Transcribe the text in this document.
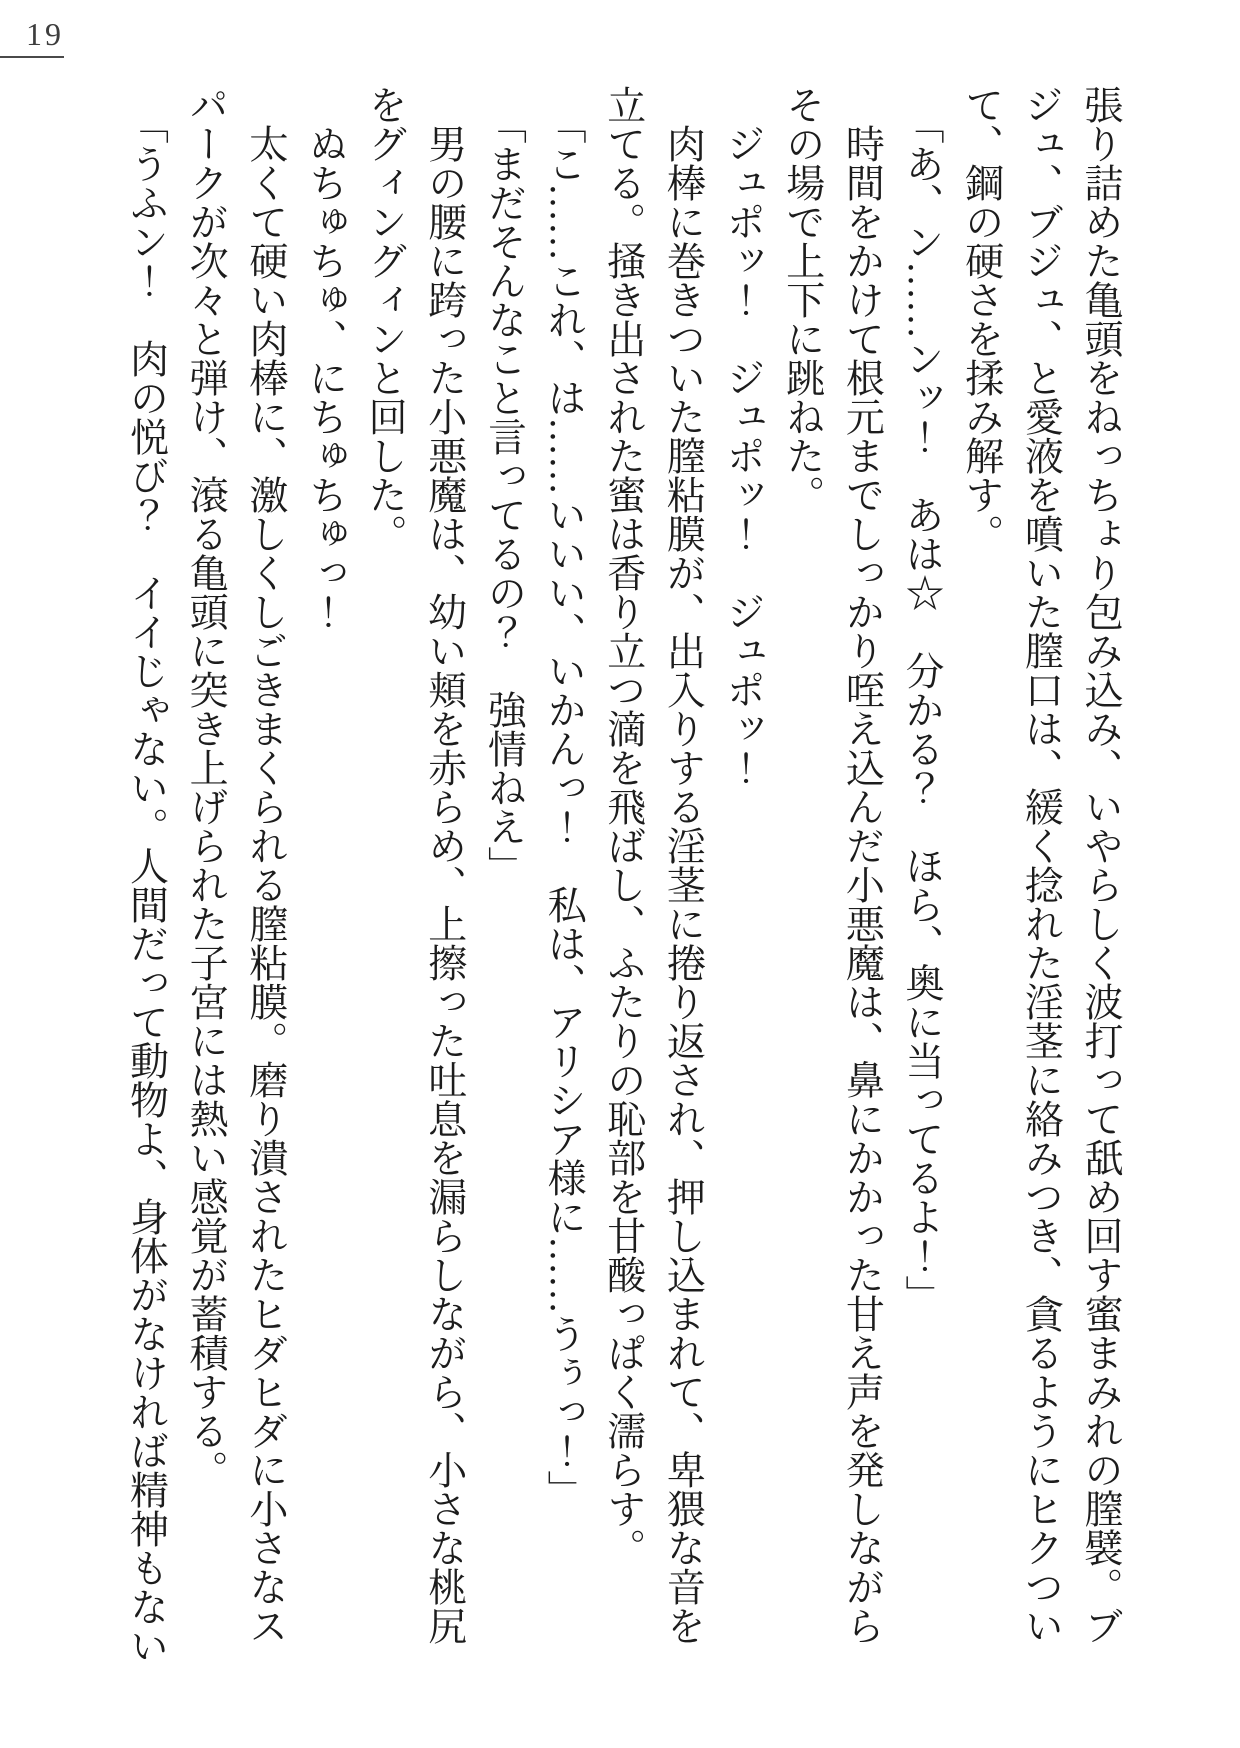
19

張り詰めた亀頭をねっちょり包み込み、いやらしく波打って舐め回す蜜まみれの膣襞。ブジュ、ブジュ、と愛液を噴いた膣口は、緩く捻れた淫茎に絡みつき、貪るようにヒクついて、鋼の硬さを揉み解す。

「あ、ン……ンッ！　あは☆　分かる？　ほら、奥に当ってるよ！」

時間をかけて根元までしっかり咥え込んだ小悪魔は、鼻にかかった甘え声を発しながらその場で上下に跳ねた。

ジュポッ！　ジュポッ！　ジュポッ！

肉棒に巻きついた膣粘膜が、出入りする淫茎に捲り返され、押し込まれて、卑猥な音を立てる。掻き出された蜜は香り立つ滴を飛ばし、ふたりの恥部を甘酸っぱく濡らす。

「こ……これ、は……いいい、いかんっ！　私は、アリシア様に……うぅっ！」

「まだそんなこと言ってるの？　強情ねえ」

男の腰に跨った小悪魔は、幼い頬を赤らめ、上擦った吐息を漏らしながら、小さな桃尻をグィングィンと回した。

ぬちゅちゅ、にちゅちゅっ！

太くて硬い肉棒に、激しくしごきまくられる膣粘膜。磨り潰されたヒダヒダに小さなスパークが次々と弾け、滾る亀頭に突き上げられた子宮には熱い感覚が蓄積する。

「うふン！　肉の悦び？　イイじゃない。人間だって動物よ、身体がなければ精神もない
